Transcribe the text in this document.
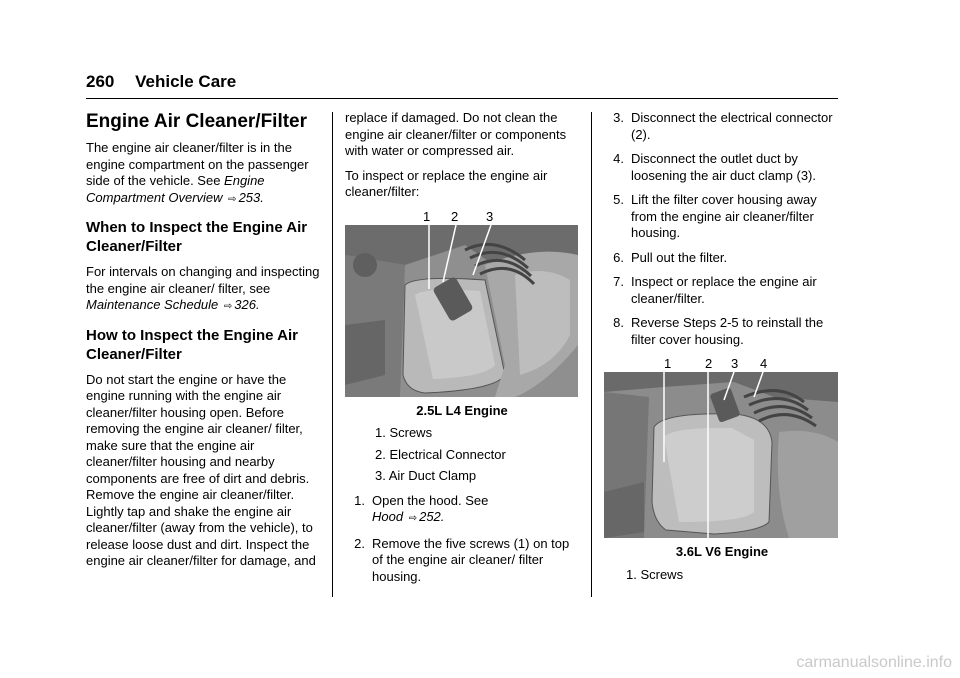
260 Vehicle Care
Engine Air Cleaner/Filter

The engine air cleaner/filter is in the engine compartment on the passenger side of the vehicle. See Engine Compartment Overview ⇨ 253.

When to Inspect the Engine Air Cleaner/Filter

For intervals on changing and inspecting the engine air cleaner/ filter, see Maintenance Schedule ⇨ 326.

How to Inspect the Engine Air Cleaner/Filter

Do not start the engine or have the engine running with the engine air cleaner/filter housing open. Before removing the engine air cleaner/ filter, make sure that the engine air cleaner/filter housing and nearby components are free of dirt and debris. Remove the engine air cleaner/filter. Lightly tap and shake the engine air cleaner/filter (away from the vehicle), to release loose dust and dirt. Inspect the engine air cleaner/filter for damage, and

replace if damaged. Do not clean the engine air cleaner/filter or components with water or compressed air.

To inspect or replace the engine air cleaner/filter:

1 2 3
2.5L L4 Engine
1. Screws
2. Electrical Connector
3. Air Duct Clamp
1. Open the hood. See
Hood ⇨ 252.
2. Remove the five screws (1) on top of the engine air cleaner/ filter housing.
3. Disconnect the electrical connector (2).
4. Disconnect the outlet duct by loosening the air duct clamp (3).
5. Lift the filter cover housing away from the engine air cleaner/filter housing.
6. Pull out the filter.
7. Inspect or replace the engine air cleaner/filter.
8. Reverse Steps 2-5 to reinstall the filter cover housing.
1	2 3 4
3.6L V6 Engine
1. Screws
carmanualsonline.info
